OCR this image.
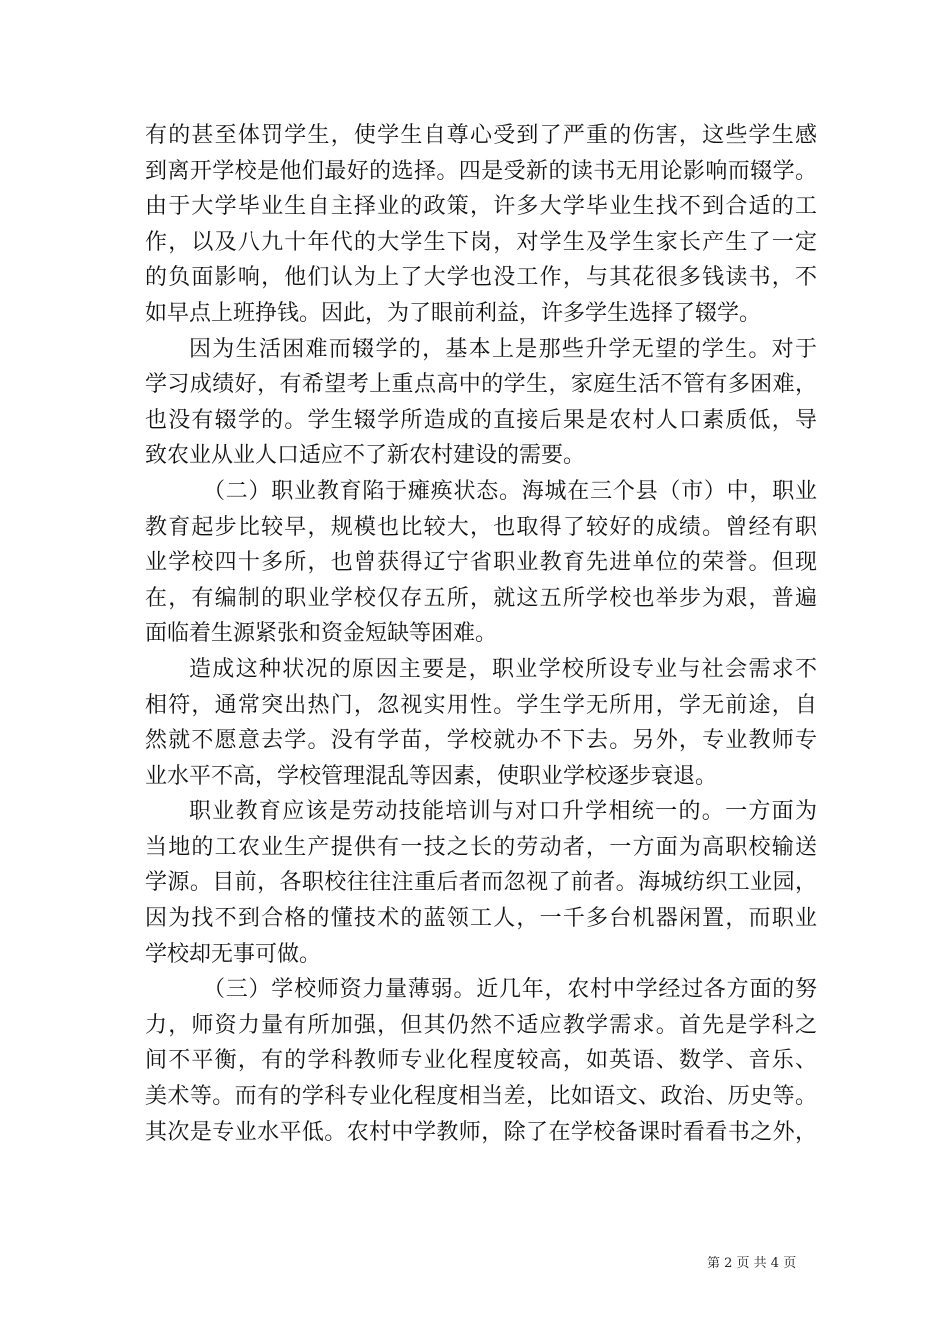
有的甚至体罚学生，使学生自尊心受到了严重的伤害，这些学生感
到离开学校是他们最好的选择。四是受新的读书无用论影响而辍学。
由于大学毕业生自主择业的政策，许多大学毕业生找不到合适的工
作，以及八九十年代的大学生下岗，对学生及学生家长产生了一定
的负面影响，他们认为上了大学也没工作，与其花很多钱读书，不
如早点上班挣钱。因此，为了眼前利益，许多学生选择了辍学。
因为生活困难而辍学的，基本上是那些升学无望的学生。对于
学习成绩好，有希望考上重点高中的学生，家庭生活不管有多困难，
也没有辍学的。学生辍学所造成的直接后果是农村人口素质低，导
致农业从业人口适应不了新农村建设的需要。
（二）职业教育陷于瘫痪状态。海城在三个县（市）中，职业
教育起步比较早，规模也比较大，也取得了较好的成绩。曾经有职
业学校四十多所，也曾获得辽宁省职业教育先进单位的荣誉。但现
在，有编制的职业学校仅存五所，就这五所学校也举步为艰，普遍
面临着生源紧张和资金短缺等困难。
造成这种状况的原因主要是，职业学校所设专业与社会需求不
相符，通常突出热门，忽视实用性。学生学无所用，学无前途，自
然就不愿意去学。没有学苗，学校就办不下去。另外，专业教师专
业水平不高，学校管理混乱等因素，使职业学校逐步衰退。
职业教育应该是劳动技能培训与对口升学相统一的。一方面为
当地的工农业生产提供有一技之长的劳动者，一方面为高职校输送
学源。目前，各职校往往注重后者而忽视了前者。海城纺织工业园，
因为找不到合格的懂技术的蓝领工人，一千多台机器闲置，而职业
学校却无事可做。
（三）学校师资力量薄弱。近几年，农村中学经过各方面的努
力，师资力量有所加强，但其仍然不适应教学需求。首先是学科之
间不平衡，有的学科教师专业化程度较高，如英语、数学、音乐、
美术等。而有的学科专业化程度相当差，比如语文、政治、历史等。
其次是专业水平低。农村中学教师，除了在学校备课时看看书之外，
第 2 页 共 4 页
